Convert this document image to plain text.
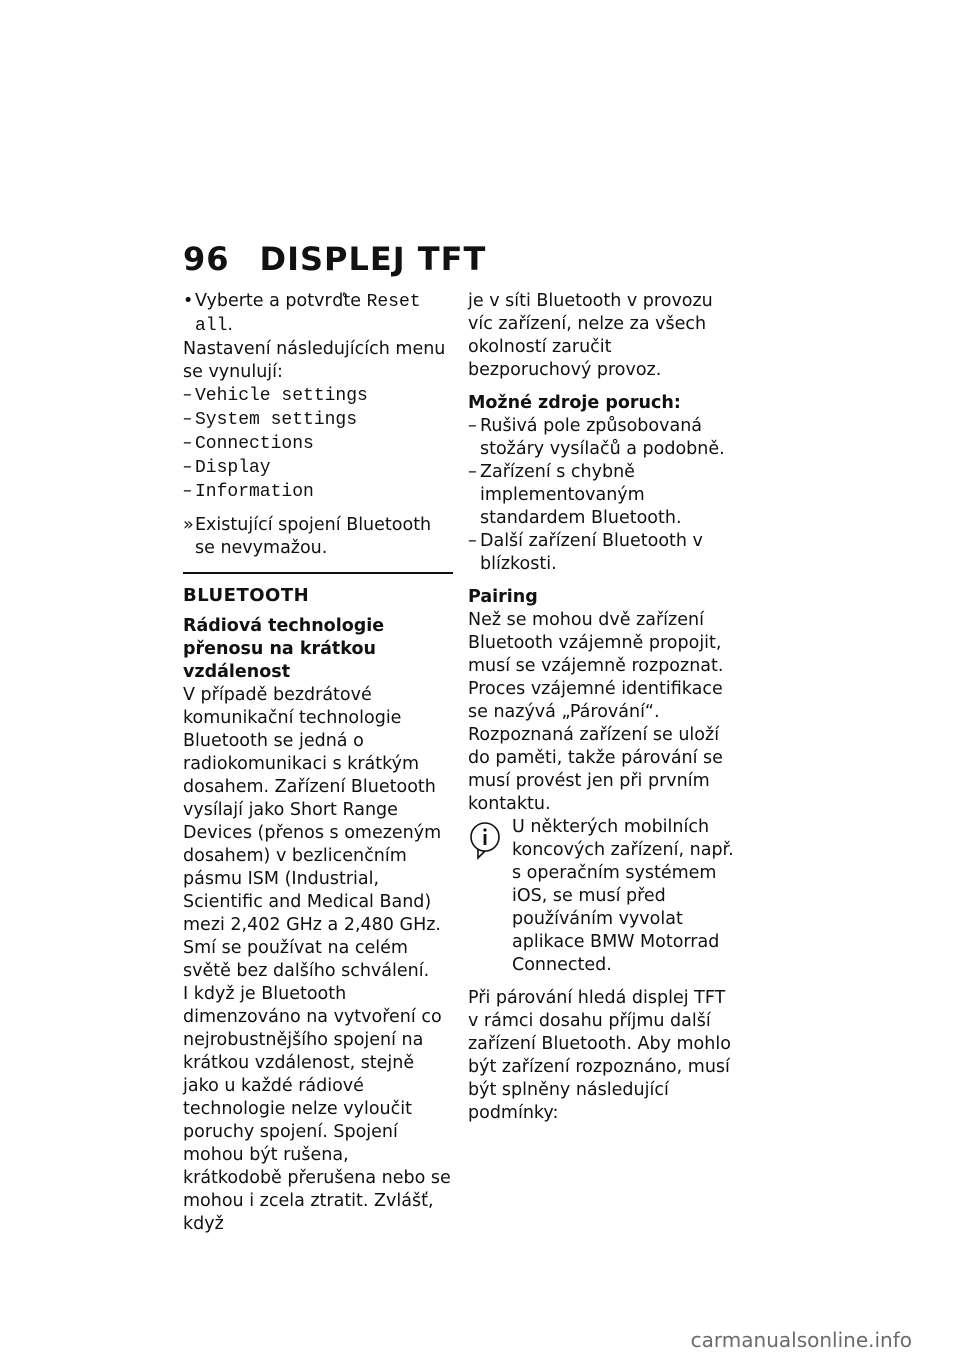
96 DISPLEJ TFT
• Vyberte a potvrďte Reset all.

Nastavení následujících menu se vynulují:

– Vehicle settings
– System settings
– Connections
– Display
– Information
» Existující spojení Bluetooth se nevymažou.
BLUETOOTH

Rádiová technologie přenosu na krátkou vzdálenost

V případě bezdrátové komunikační technologie Bluetooth se jedná o radiokomunikaci s krátkým dosahem. Zařízení Bluetooth vysílají jako Short Range Devices (přenos s omezeným dosahem) v bezlicenčním pásmu ISM (Industrial, Scientific and Medical Band) mezi 2,402 GHz a 2,480 GHz. Smí se používat na celém světě bez dalšího schválení.

I když je Bluetooth dimenzováno na vytvoření co nejrobustnějšího spojení na krátkou vzdálenost, stejně jako u každé rádiové technologie nelze vyloučit poruchy spojení. Spojení mohou být rušena, krátkodobě přerušena nebo se mohou i zcela ztratit. Zvlášť, když

je v síti Bluetooth v provozu víc zařízení, nelze za všech okolností zaručit bezporuchový provoz.

Možné zdroje poruch:

– Rušivá pole způsobovaná stožáry vysílačů a podobně.
– Zařízení s chybně implementovaným standardem Bluetooth.
– Další zařízení Bluetooth v blízkosti.

Pairing

Než se mohou dvě zařízení Bluetooth vzájemně propojit, musí se vzájemně rozpoznat. Proces vzájemné identifikace se nazývá „Párování“. Rozpoznaná zařízení se uloží do paměti, takže párování se musí provést jen při prvním kontaktu.

U některých mobilních koncových zařízení, např. s operačním systémem iOS, se musí před používáním vyvolat aplikace BMW Motorrad Connected.

Při párování hledá displej TFT v rámci dosahu příjmu další zařízení Bluetooth. Aby mohlo být zařízení rozpoznáno, musí být splněny následující podmínky:

carmanualsonline.info
